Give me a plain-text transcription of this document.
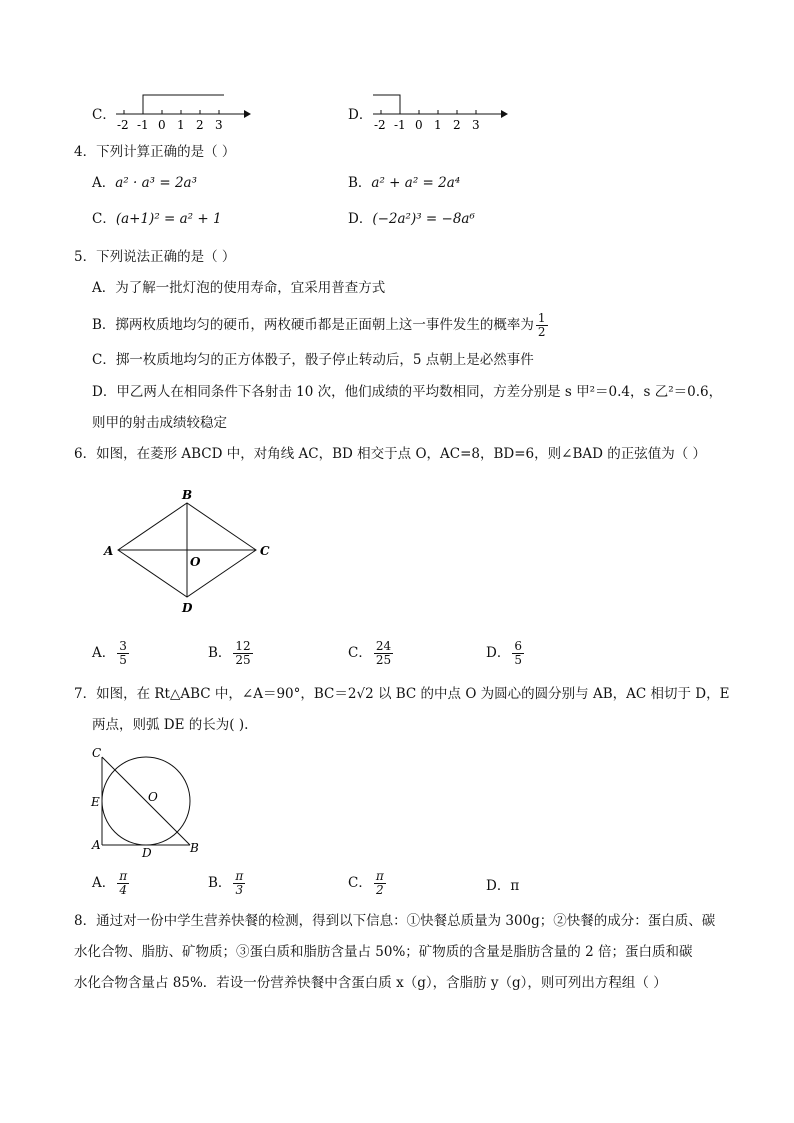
C．
-2 -1 0 1 2 3
D．
-2 -1 0 1 2 3
4．下列计算正确的是（ ）
A．a² · a³ = 2a³	B．a² + a² = 2a⁴
C．(a+1)² = a² + 1	D．(−2a²)³ = −8a⁶
5．下列说法正确的是（ ）
A．为了解一批灯泡的使用寿命，宜采用普查方式
B．掷两枚质地均匀的硬币，两枚硬币都是正面朝上这一事件发生的概率为 $\frac{1}{2}$
C．掷一枚质地均匀的正方体骰子，骰子停止转动后，5 点朝上是必然事件
D．甲乙两人在相同条件下各射击 10 次，他们成绩的平均数相同，方差分别是 s 甲²＝0.4，s 乙²＝0.6，
则甲的射击成绩较稳定
6．如图，在菱形 ABCD 中，对角线 AC，BD 相交于点 O，AC=8，BD=6，则∠BAD 的正弦值为（ ）
B
A	C
D
O
A． $\frac{3}{5}$	B． $\frac{12}{25}$	C． $\frac{24}{25}$	D． $\frac{6}{5}$
7．如图，在 Rt△ABC 中，∠A＝90°，BC＝2√2 以 BC 的中点 O 为圆心的圆分别与 AB，AC 相切于 D，E
两点，则弧 DE 的长为( ).
C
E	O
A
D	B
A． $\frac{\pi}{4}$	B． $\frac{\pi}{3}$	C． $\frac{\pi}{2}$	D．π
8．通过对一份中学生营养快餐的检测，得到以下信息：①快餐总质量为 300g；②快餐的成分：蛋白质、碳
水化合物、脂肪、矿物质；③蛋白质和脂肪含量占 50%；矿物质的含量是脂肪含量的 2 倍；蛋白质和碳
水化合物含量占 85%．若设一份营养快餐中含蛋白质 x（g），含脂肪 y（g），则可列出方程组（ ）
